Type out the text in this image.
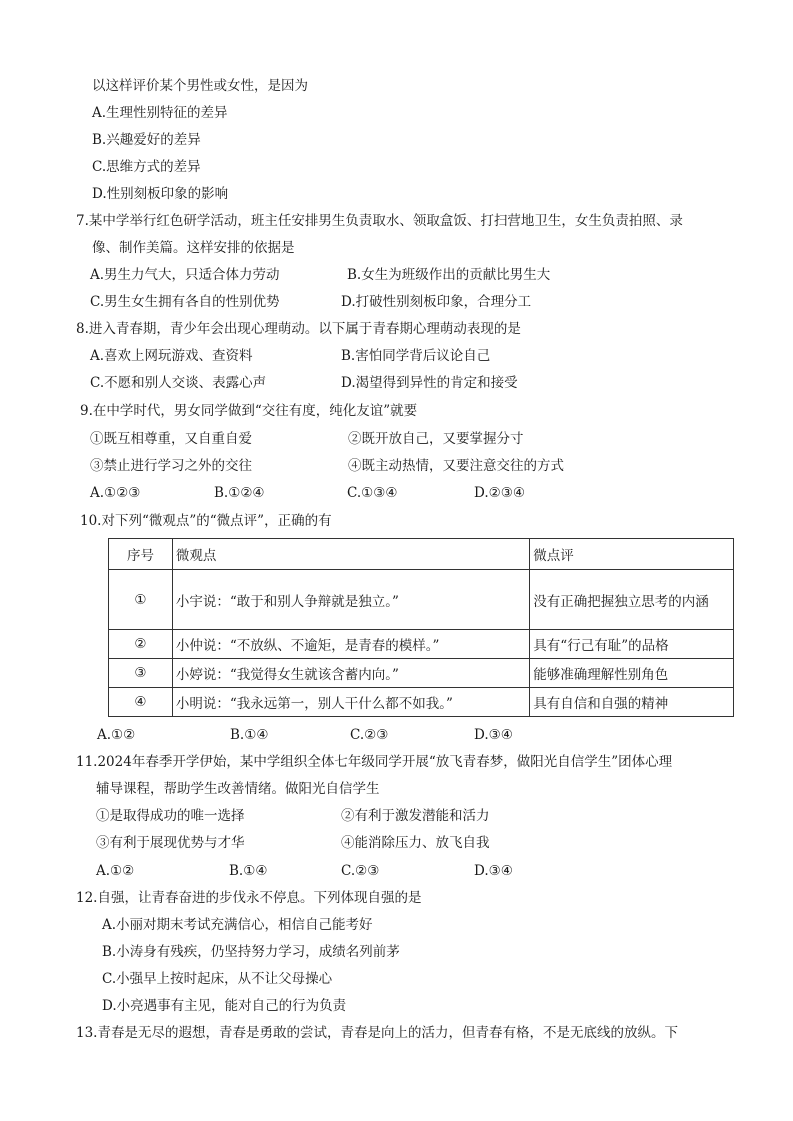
以这样评价某个男性或女性，是因为
A.生理性别特征的差异
B.兴趣爱好的差异
C.思维方式的差异
D.性别刻板印象的影响
7.某中学举行红色研学活动，班主任安排男生负责取水、领取盒饭、打扫营地卫生，女生负责拍照、录
像、制作美篇。这样安排的依据是
A.男生力气大，只适合体力劳动	B.女生为班级作出的贡献比男生大
C.男生女生拥有各自的性别优势	D.打破性别刻板印象，合理分工
8.进入青春期，青少年会出现心理萌动。以下属于青春期心理萌动表现的是
A.喜欢上网玩游戏、查资料	B.害怕同学背后议论自己
C.不愿和别人交谈、表露心声	D.渴望得到异性的肯定和接受
9.在中学时代，男女同学做到“交往有度，纯化友谊”就要
①既互相尊重，又自重自爱	②既开放自己，又要掌握分寸
③禁止进行学习之外的交往	④既主动热情，又要注意交往的方式
A.①②③	B.①②④	C.①③④	D.②③④
10.对下列“微观点”的“微点评”，正确的有
序号	微观点	微点评
①	小宇说：“敢于和别人争辩就是独立。”	没有正确把握独立思考的内涵
②	小仲说：“不放纵、不逾矩，是青春的模样。”	具有“行己有耻”的品格
③	小婷说：“我觉得女生就该含蓄内向。”	能够准确理解性别角色
④	小明说：“我永远第一，别人干什么都不如我。”	具有自信和自强的精神
A.①②	B.①④	C.②③	D.③④
11.2024年春季开学伊始，某中学组织全体七年级同学开展“放飞青春梦，做阳光自信学生”团体心理
辅导课程，帮助学生改善情绪。做阳光自信学生
①是取得成功的唯一选择	②有利于激发潜能和活力
③有利于展现优势与才华	④能消除压力、放飞自我
A.①②	B.①④	C.②③	D.③④
12.自强，让青春奋进的步伐永不停息。下列体现自强的是
A.小丽对期末考试充满信心，相信自己能考好
B.小涛身有残疾，仍坚持努力学习，成绩名列前茅
C.小强早上按时起床，从不让父母操心
D.小亮遇事有主见，能对自己的行为负责
13.青春是无尽的遐想，青春是勇敢的尝试，青春是向上的活力，但青春有格，不是无底线的放纵。下
